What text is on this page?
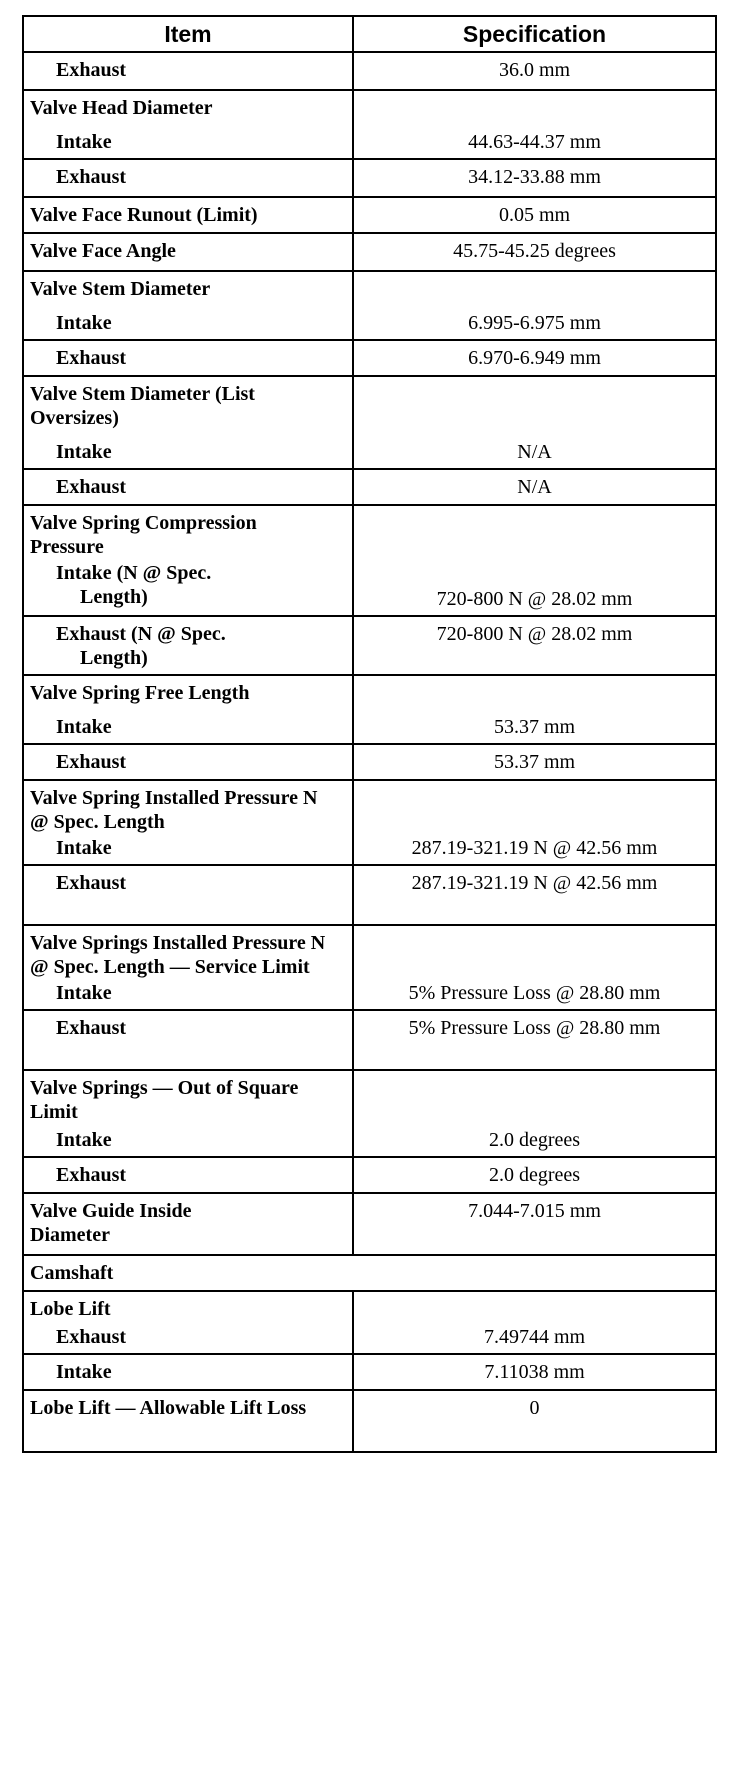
Item	Specification
Exhaust	36.0 mm
Valve Head Diameter
Intake	44.63-44.37 mm
Exhaust	34.12-33.88 mm
Valve Face Runout (Limit)	0.05 mm
Valve Face Angle	45.75-45.25 degrees
Valve Stem Diameter
Intake	6.995-6.975 mm
Exhaust	6.970-6.949 mm

Valve Stem Diameter (List Oversizes)
Intake	N/A
Exhaust	N/A

Valve Spring Compression Pressure
Intake (N @ Spec. Length)	720-800 N @ 28.02 mm

Exhaust (N @ Spec. Length)	720-800 N @ 28.02 mm
Valve Spring Free Length
Intake	53.37 mm
Exhaust	53.37 mm

Valve Spring Installed Pressure N @ Spec. Length
Intake	287.19-321.19 N @ 42.56 mm
Exhaust	287.19-321.19 N @ 42.56 mm

Valve Springs Installed Pressure N @ Spec. Length — Service Limit
Intake	5% Pressure Loss @ 28.80 mm
Exhaust	5% Pressure Loss @ 28.80 mm

Valve Springs — Out of Square Limit
Intake	2.0 degrees
Exhaust	2.0 degrees

Valve Guide Inside Diameter	7.044-7.015 mm
Camshaft	
Lobe Lift
Exhaust	7.49744 mm
Intake	7.11038 mm

Lobe Lift — Allowable Lift Loss	0
